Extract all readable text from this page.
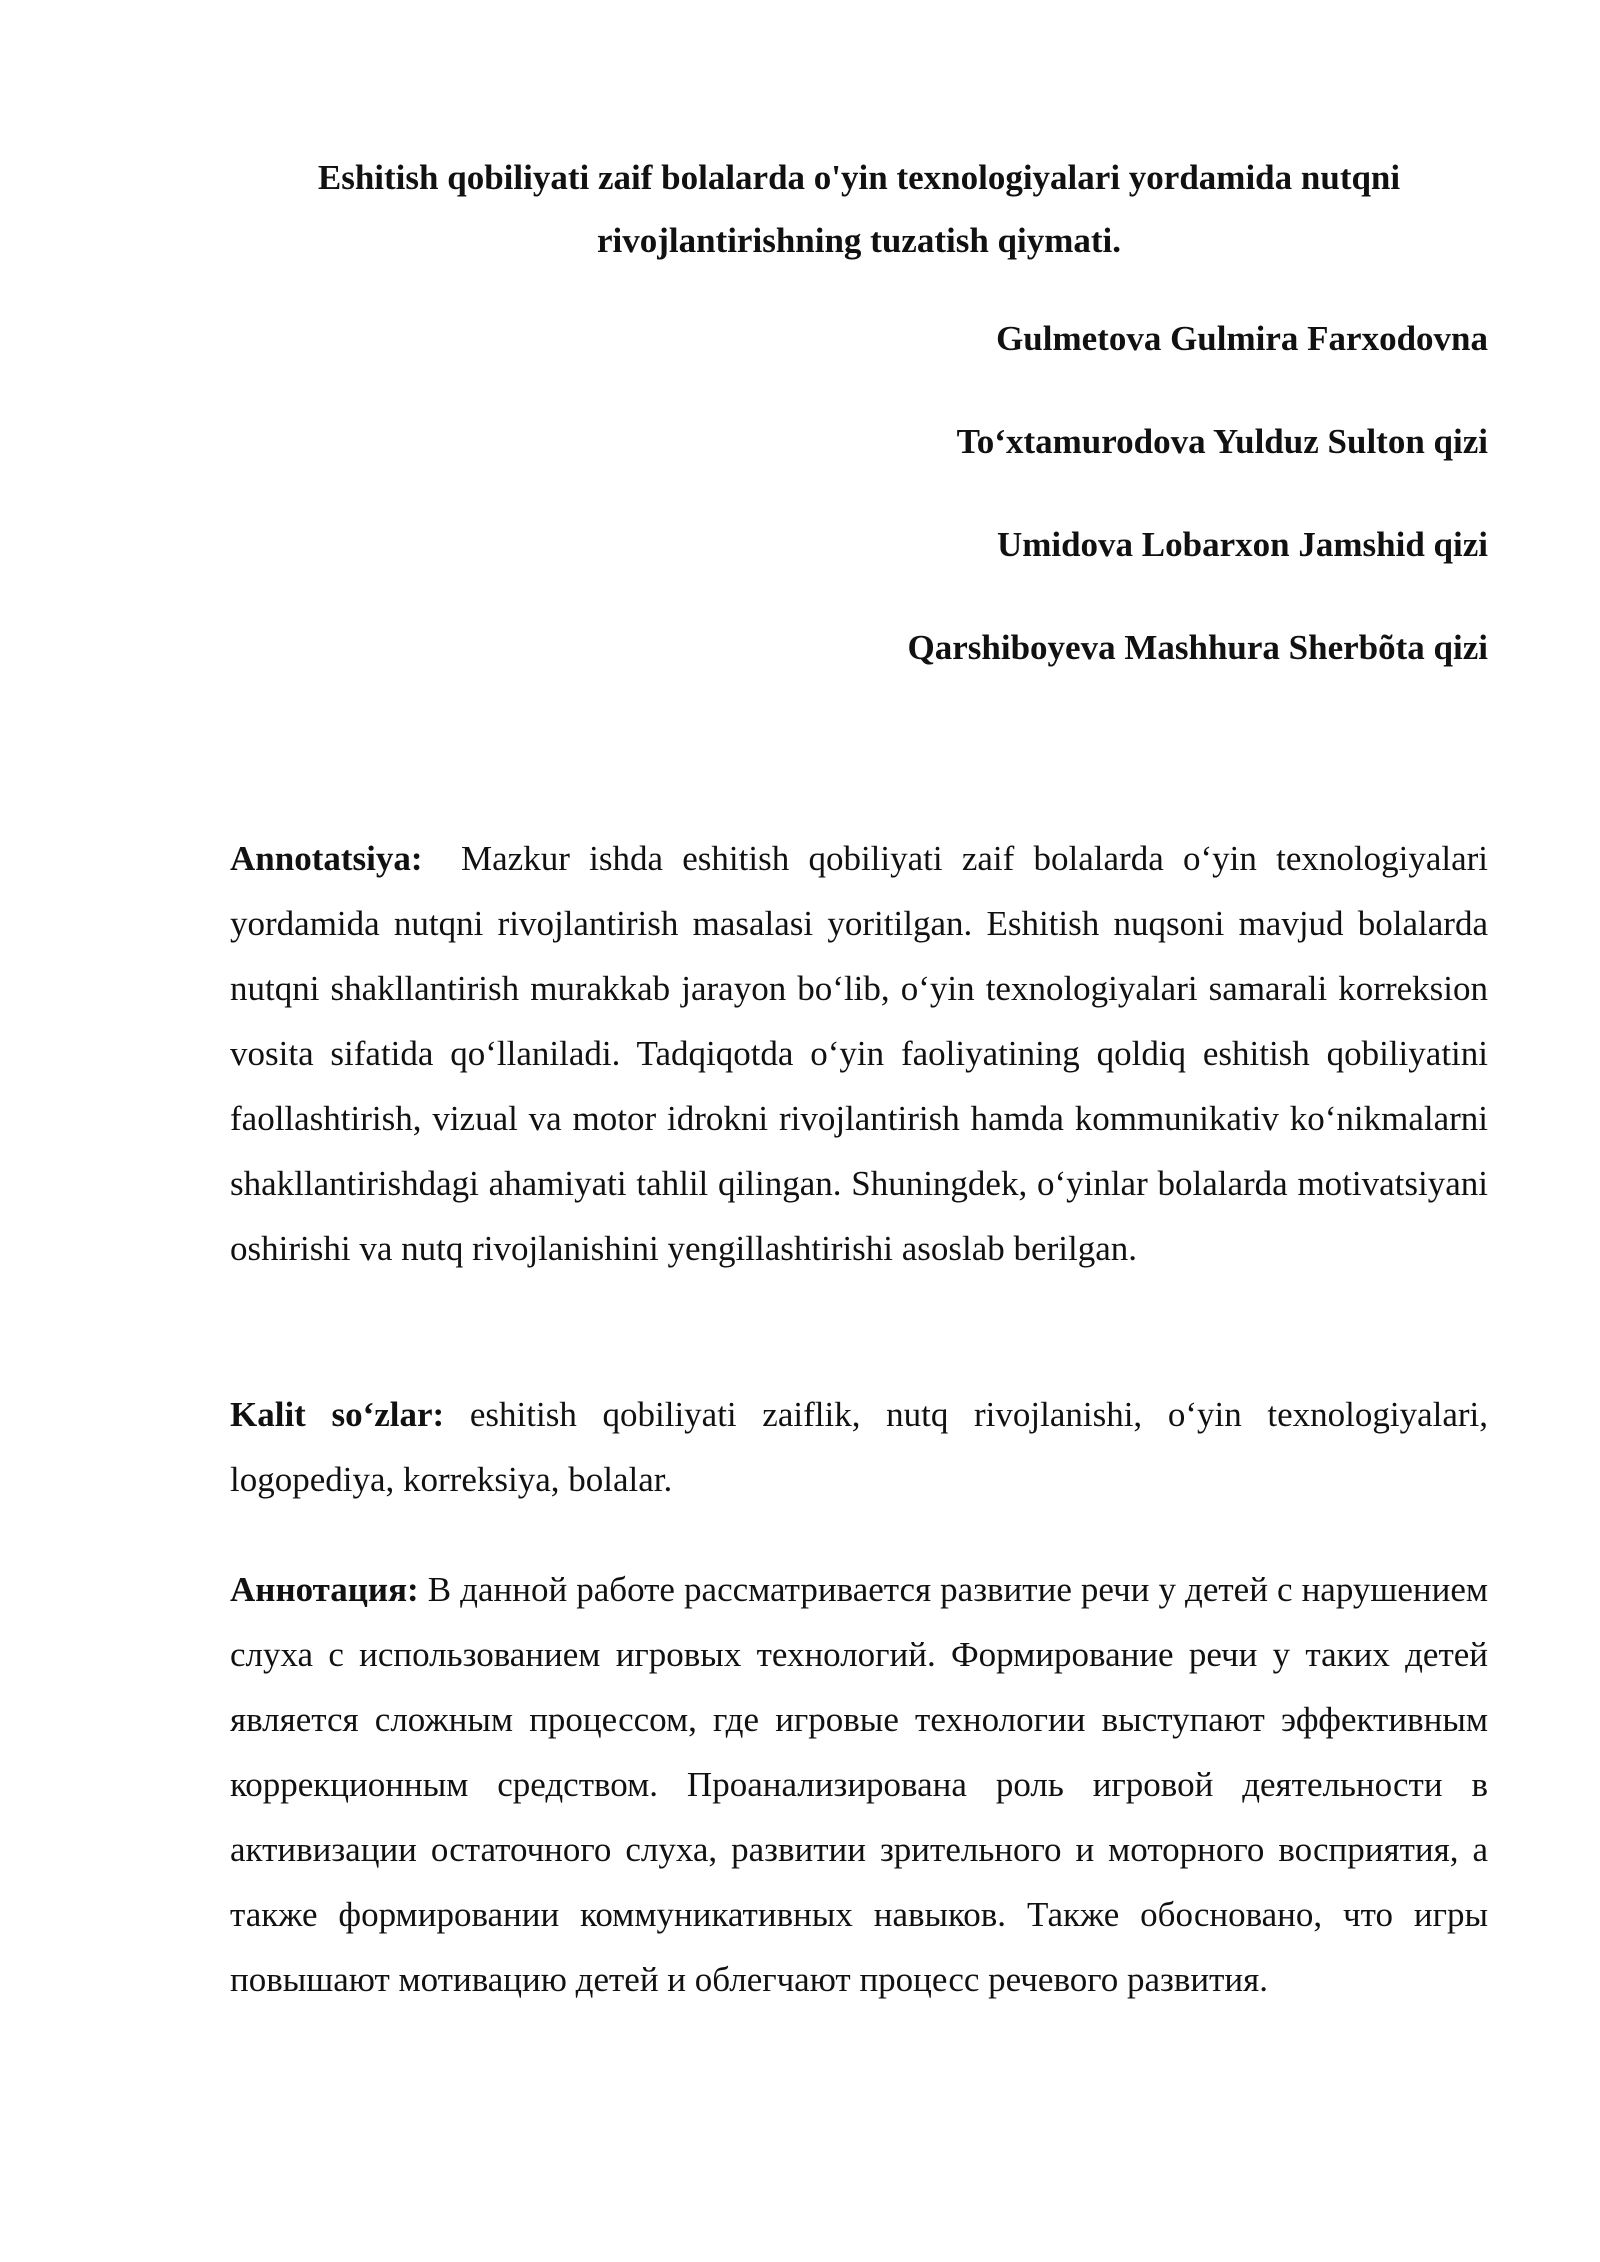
Eshitish qobiliyati zaif bolalarda o'yin texnologiyalari yordamida nutqni
rivojlantirishning tuzatish qiymati.
Gulmetova Gulmira Farxodovna
To‘xtamurodova Yulduz Sulton qizi
Umidova Lobarxon Jamshid qizi
Qarshiboyeva Mashhura Sherbõta qizi

Annotatsiya: Mazkur ishda eshitish qobiliyati zaif bolalarda o‘yin texnologiyalari yordamida nutqni rivojlantirish masalasi yoritilgan. Eshitish nuqsoni mavjud bolalarda nutqni shakllantirish murakkab jarayon bo‘lib, o‘yin texnologiyalari samarali korreksion vosita sifatida qo‘llaniladi. Tadqiqotda o‘yin faoliyatining qoldiq eshitish qobiliyatini faollashtirish, vizual va motor idrokni rivojlantirish hamda kommunikativ ko‘nikmalarni shakllantirishdagi ahamiyati tahlil qilingan. Shuningdek, o‘yinlar bolalarda motivatsiyani oshirishi va nutq rivojlanishini yengillashtirishi asoslab berilgan.

Kalit so‘zlar: eshitish qobiliyati zaiflik, nutq rivojlanishi, o‘yin texnologiyalari, logopediya, korreksiya, bolalar.

Аннотация: В данной работе рассматривается развитие речи у детей с нарушением слуха с использованием игровых технологий. Формирование речи у таких детей является сложным процессом, где игровые технологии выступают эффективным коррекционным средством. Проанализирована роль игровой деятельности в активизации остаточного слуха, развитии зрительного и моторного восприятия, а также формировании коммуникативных навыков. Также обосновано, что игры повышают мотивацию детей и облегчают процесс речевого развития.
